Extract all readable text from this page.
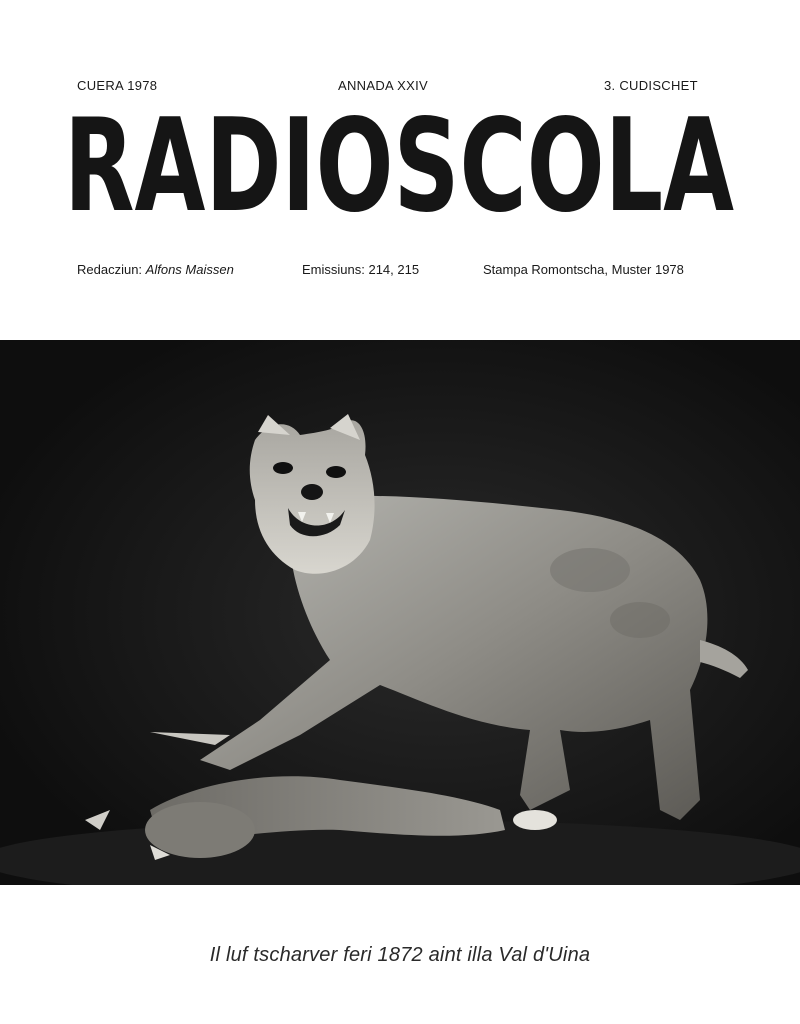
CUERA 1978	ANNADA XXIV	3. CUDISCHET
RADIOSCOLA
Redacziun: Alfons Maissen	Emissiuns: 214, 215	Stampa Romontscha, Muster 1978
Il luf tscharver feri 1872 aint illa Val d'Uina
